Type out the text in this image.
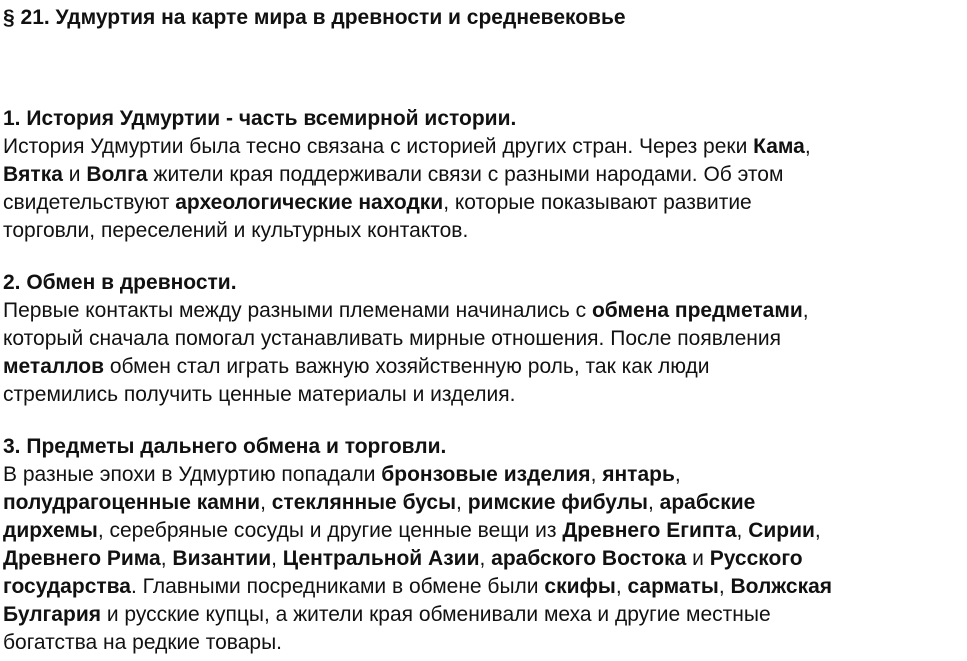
§ 21. Удмуртия на карте мира в древности и средневековье
1. История Удмуртии - часть всемирной истории.
История Удмуртии была тесно связана с историей других стран. Через реки Кама,
Вятка и Волга жители края поддерживали связи с разными народами. Об этом
свидетельствуют археологические находки, которые показывают развитие
торговли, переселений и культурных контактов.
2. Обмен в древности.
Первые контакты между разными племенами начинались с обмена предметами,
который сначала помогал устанавливать мирные отношения. После появления
металлов обмен стал играть важную хозяйственную роль, так как люди
стремились получить ценные материалы и изделия.
3. Предметы дальнего обмена и торговли.
В разные эпохи в Удмуртию попадали бронзовые изделия, янтарь,
полудрагоценные камни, стеклянные бусы, римские фибулы, арабские
дирхемы, серебряные сосуды и другие ценные вещи из Древнего Египта, Сирии,
Древнего Рима, Византии, Центральной Азии, арабского Востока и Русского
государства. Главными посредниками в обмене были скифы, сарматы, Волжская
Булгария и русские купцы, а жители края обменивали меха и другие местные
богатства на редкие товары.
